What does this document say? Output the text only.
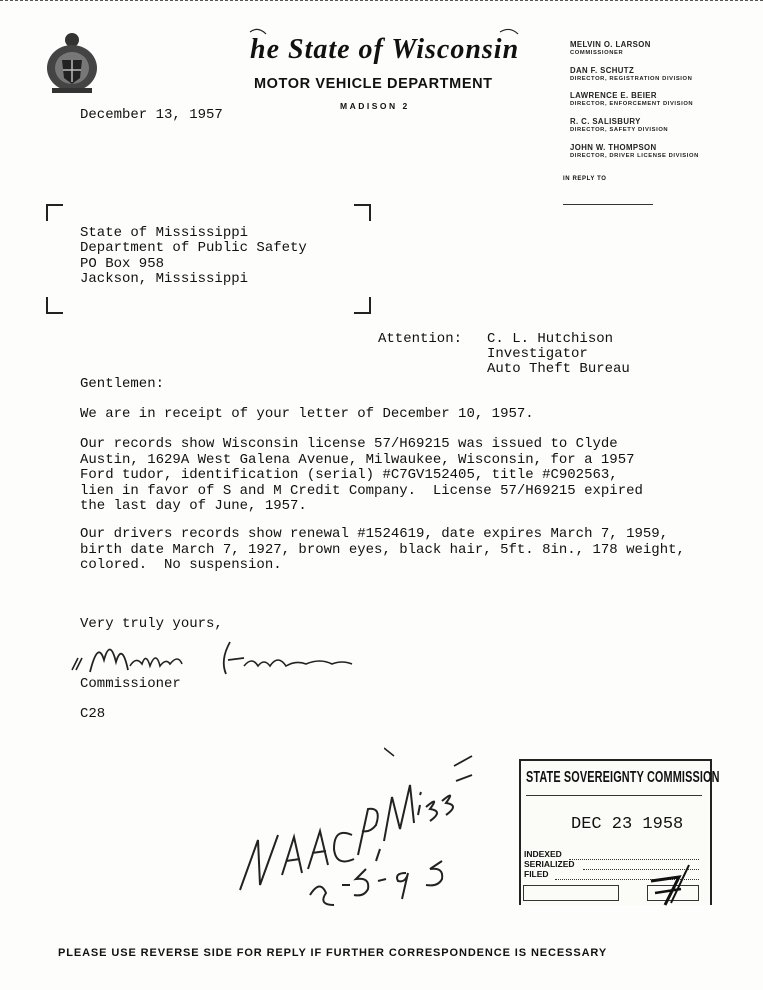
he State of Wisconsin
MOTOR VEHICLE DEPARTMENT
MADISON 2
MELVIN O. LARSON
COMMISSIONER
DAN F. SCHUTZ
DIRECTOR, REGISTRATION DIVISION
LAWRENCE E. BEIER
DIRECTOR, ENFORCEMENT DIVISION
R. C. SALISBURY
DIRECTOR, SAFETY DIVISION
JOHN W. THOMPSON
DIRECTOR, DRIVER LICENSE DIVISION
IN REPLY TO
December 13, 1957
State of Mississippi
Department of Public Safety
PO Box 958
Jackson, Mississippi
Attention: C. L. Hutchison
Investigator
Auto Theft Bureau
Gentlemen:
We are in receipt of your letter of December 10, 1957.
Our records show Wisconsin license 57/H69215 was issued to Clyde
Austin, 1629A West Galena Avenue, Milwaukee, Wisconsin, for a 1957
Ford tudor, identification (serial) #C7GV152405, title #C902563,
lien in favor of S and M Credit Company.  License 57/H69215 expired
the last day of June, 1957.
Our drivers records show renewal #1524619, date expires March 7, 1959,
birth date March 7, 1927, brown eyes, black hair, 5ft. 8in., 178 weight,
colored.  No suspension.
Very truly yours,
Commissioner
C28
STATE SOVEREIGNTY COMMISSION
DEC 23 1958
INDEXED
SERIALIZED
FILED
PLEASE USE REVERSE SIDE FOR REPLY IF FURTHER CORRESPONDENCE IS NECESSARY
